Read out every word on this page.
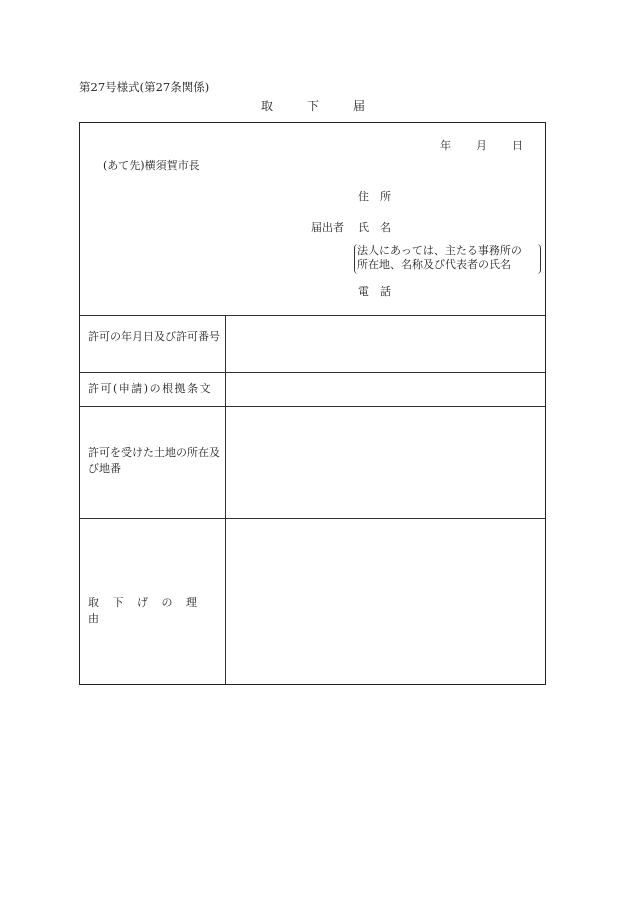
第27号様式(第27条関係)
取	下	届
許可の年月日及び許可番号
許可(申請)の根拠条文
許可を受けた土地の所在及び地番
取 下 げ の 理 由
年 月 日
(あて先)横須賀市長
住　所
届出者 氏　名
法人にあっては、主たる事務所の
所在地、名称及び代表者の氏名
電　話
